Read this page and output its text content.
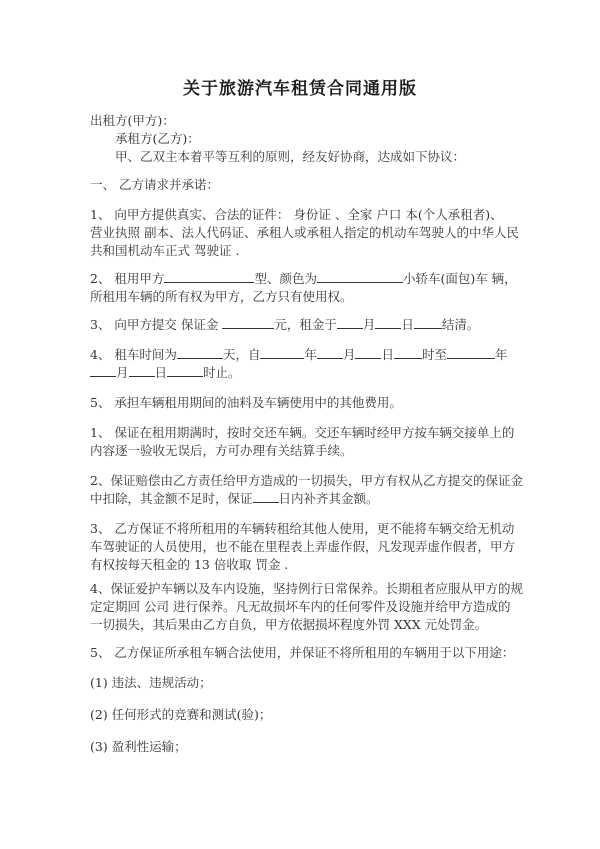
关于旅游汽车租赁合同通用版
出租方(甲方)：
承租方(乙方)：
甲、乙双主本着平等互利的原则，经友好协商，达成如下协议：
一、 乙方请求并承诺：
1、 向甲方提供真实、合法的证件： 身份证 、全家 户口 本(个人承租者)、
营业执照 副本、法人代码证、承租人或承租人指定的机动车驾驶人的中华人民
共和国机动车正式 驾驶证 .
2、 租用甲方	型、颜色为	小轿车(面包)车 辆，
所租用车辆的所有权为甲方，乙方只有使用权。
3、 向甲方提交 保证金	元，租金于 月 日 结清。
4、 租车时间为	天，自	年 月 日 时至	年
月 日	时止。
5、 承担车辆租用期间的油料及车辆使用中的其他费用。
1、 保证在租用期满时，按时交还车辆。交还车辆时经甲方按车辆交接单上的
内容逐一验收无误后，方可办理有关结算手续。
2、保证赔偿由乙方责任给甲方造成的一切损失，甲方有权从乙方提交的保证金
中扣除，其金额不足时，保证 日内补齐其金额。
3、 乙方保证不将所租用的车辆转租给其他人使用，更不能将车辆交给无机动
车驾驶证的人员使用，也不能在里程表上弄虚作假，凡发现弄虚作假者，甲方
有权按每天租金的 13 倍收取 罚金 .
4、保证爱护车辆以及车内设施，坚持例行日常保养。长期租者应服从甲方的规
定定期回 公司 进行保养。凡无故损坏车内的任何零件及设施并给甲方造成的
一切损失，其后果由乙方自负，甲方依据损坏程度外罚 XXX 元处罚金。
5、 乙方保证所承租车辆合法使用，并保证不将所租用的车辆用于以下用途：
(1) 违法、违规活动；
(2) 任何形式的竞赛和测试(验)；
(3) 盈利性运输；
